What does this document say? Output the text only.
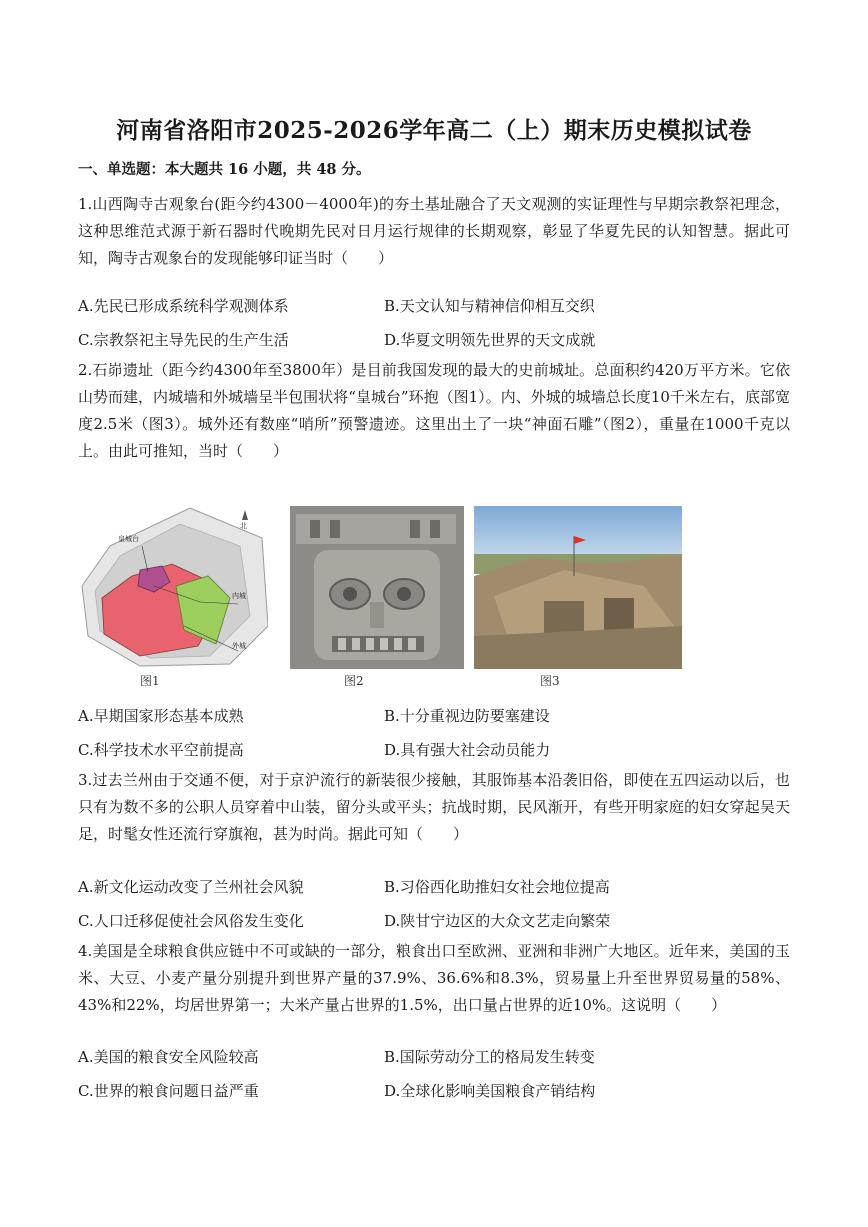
河南省洛阳市2025-2026学年高二（上）期末历史模拟试卷
一、单选题：本大题共 16 小题，共 48 分。

1.山西陶寺古观象台(距今约4300－4000年)的夯土基址融合了天文观测的实证理性与早期宗教祭祀理念，这种思维范式源于新石器时代晚期先民对日月运行规律的长期观察，彰显了华夏先民的认知智慧。据此可知，陶寺古观象台的发现能够印证当时（　　）

A.先民已形成系统科学观测体系	B.天文认知与精神信仰相互交织
C.宗教祭祀主导先民的生产生活	D.华夏文明领先世界的天文成就

2.石峁遗址（距今约4300年至3800年）是目前我国发现的最大的史前城址。总面积约420万平方米。它依山势而建，内城墙和外城墙呈半包围状将“皇城台”环抱（图1）。内、外城的城墙总长度10千米左右，底部宽度2.5米（图3）。城外还有数座“哨所”预警遗迹。这里出土了一块“神面石雕”（图2），重量在1000千克以上。由此可推知，当时（　　）

北
皇城台
内城
外城
图1	图2	图3
A.早期国家形态基本成熟	B.十分重视边防要塞建设
C.科学技术水平空前提高	D.具有强大社会动员能力

3.过去兰州由于交通不便，对于京沪流行的新装很少接触，其服饰基本沿袭旧俗，即使在五四运动以后，也只有为数不多的公职人员穿着中山装，留分头或平头；抗战时期，民风渐开，有些开明家庭的妇女穿起吴天足，时髦女性还流行穿旗袍，甚为时尚。据此可知（　　）

A.新文化运动改变了兰州社会风貌	B.习俗西化助推妇女社会地位提高
C.人口迁移促使社会风俗发生变化	D.陕甘宁边区的大众文艺走向繁荣

4.美国是全球粮食供应链中不可或缺的一部分，粮食出口至欧洲、亚洲和非洲广大地区。近年来，美国的玉米、大豆、小麦产量分别提升到世界产量的37.9%、36.6%和8.3%，贸易量上升至世界贸易量的58%、43%和22%，均居世界第一；大米产量占世界的1.5%，出口量占世界的近10%。这说明（　　）

A.美国的粮食安全风险较高	B.国际劳动分工的格局发生转变
C.世界的粮食问题日益严重	D.全球化影响美国粮食产销结构
